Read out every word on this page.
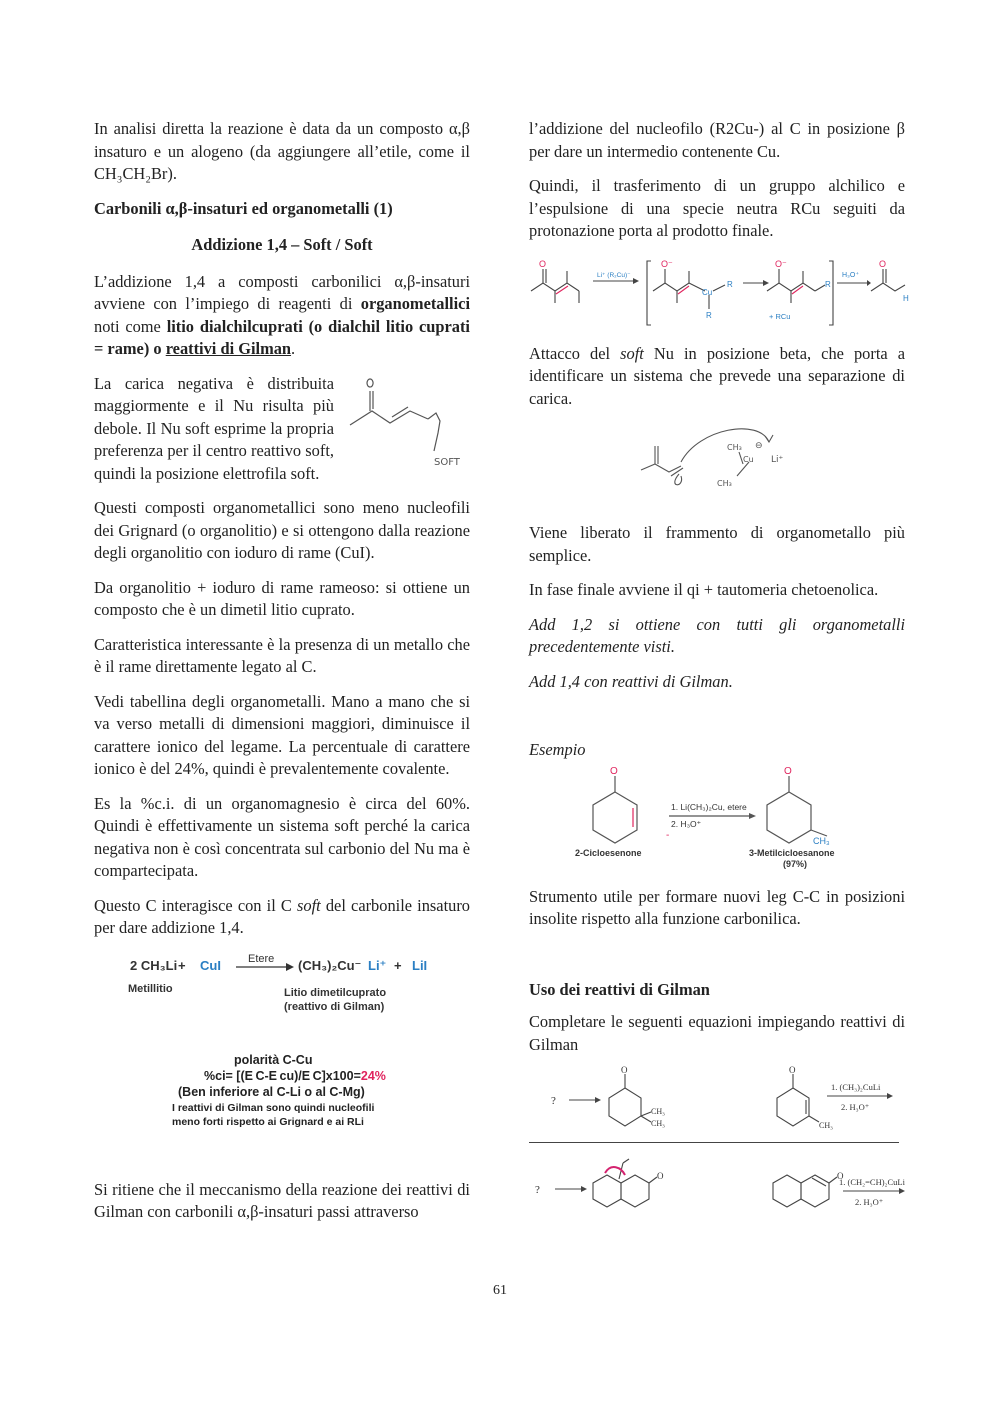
In analisi diretta la reazione è data da un composto α,β insaturo e un alogeno (da aggiungere all’etile, come il CH₃CH₂Br).

Carbonili α,β-insaturi ed organometalli (1)

Addizione 1,4 – Soft / Soft

L’addizione 1,4 a composti carbonilici α,β-insaturi avviene con l’impiego di reagenti di organometallici noti come litio dialchilcuprati (o dialchil litio cuprati = rame) o reattivi di Gilman.

La carica negativa è distribuita maggiormente e il Nu risulta più debole. Il Nu soft esprime la propria preferenza per il centro reattivo soft, quindi la posizione elettrofila soft.

SOFT

Questi composti organometallici sono meno nucleofili dei Grignard (o organolitio) e si ottengono dalla reazione degli organolitio con ioduro di rame (CuI).

Da organolitio + ioduro di rame rameoso: si ottiene un composto che è un dimetil litio cuprato.

Caratteristica interessante è la presenza di un metallo che è il rame direttamente legato al C.

Vedi tabellina degli organometalli. Mano a mano che si va verso metalli di dimensioni maggiori, diminuisce il carattere ionico del legame. La percentuale di carattere ionico è del 24%, quindi è prevalentemente covalente.

Es la %c.i. di un organomagnesio è circa del 60%. Quindi è effettivamente un sistema soft perché la carica negativa non è così concentrata sul carbonio del Nu ma è compartecipata.

Questo C interagisce con il C soft del carbonile insaturo per dare addizione 1,4.

2 CH₃Li + CuI Etere (CH₃)₂Cu⁻ Li⁺ + LiI
Metillitio	Litio dimetilcuprato
(reattivo di Gilman)
polarità C-Cu
%ci= [(E C-E cu)/E C]x100=24%
(Ben inferiore al C-Li o al C-Mg)
I reattivi di Gilman sono quindi nucleofili
meno forti rispetto ai Grignard e ai RLi

Si ritiene che il meccanismo della reazione dei reattivi di Gilman con carbonili α,β-insaturi passi attraverso

l’addizione del nucleofilo (R2Cu-) al C in posizione β per dare un intermedio contenente Cu.

Quindi, il trasferimento di un gruppo alchilico e l’espulsione di una specie neutra RCu seguiti da protonazione porta al prodotto finale.

O
Li⁺ (R₂Cu)⁻
O⁻
Cu
R
R
O⁻
R
+ RCu
H₃O⁺
O
H

Attacco del soft Nu in posizione beta, che porta a identificare un sistema che prevede una separazione di carica.

CH₃
Cu
⊖
Li⁺
CH₃

Viene liberato il frammento di organometallo più semplice.

In fase finale avviene il qi + tautomeria chetoenolica.

Add 1,2 si ottiene con tutti gli organometalli precedentemente visti.

Add 1,4 con reattivi di Gilman.

Esempio

O	O
1. Li(CH₃)₂Cu, etere
2. H₃O⁺
-	CH₃
2-Cicloesenone	3-Metilcicloesanone
(97%)

Strumento utile per formare nuovi leg C-C in posizioni insolite rispetto alla funzione carbonilica.

Uso dei reattivi di Gilman

Completare le seguenti equazioni impiegando reattivi di Gilman

?
O
CH₃
CH₃
O
CH₃
1. (CH₃)₂CuLi
2. H₃O⁺
?
O	O
1. (CH₂=CH)₂CuLi
2. H₃O⁺
61
